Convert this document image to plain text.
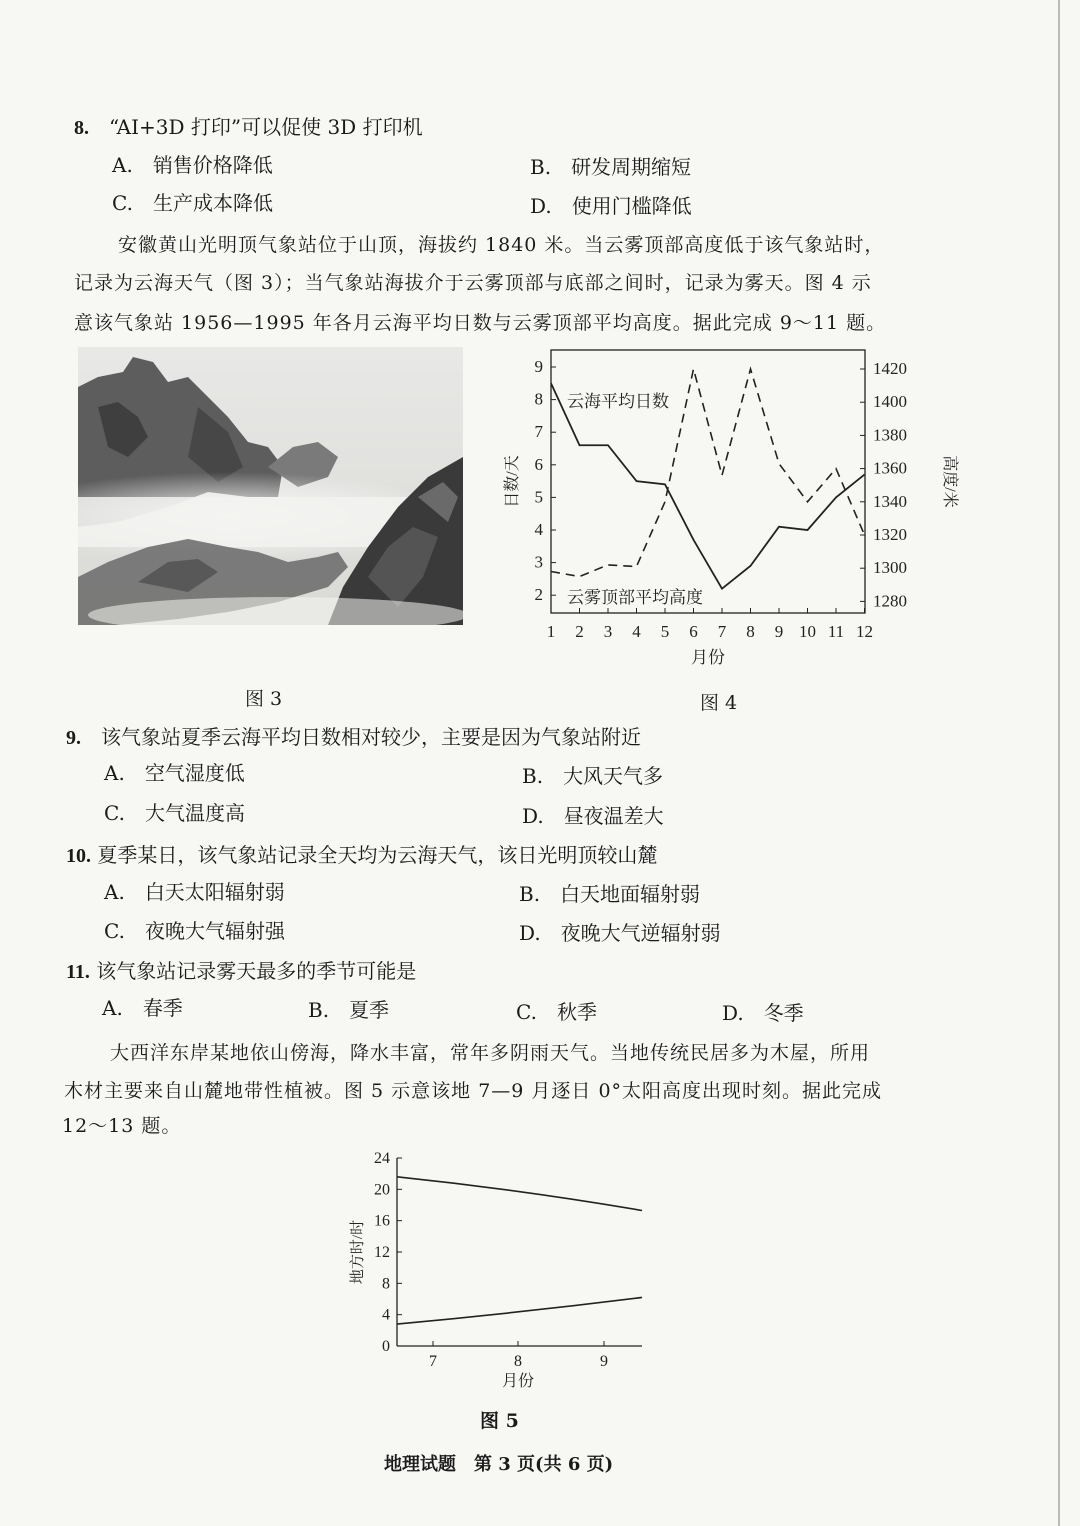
8.　 “AI+3D 打印”可以促使 3D 打印机
A.　 销售价格降低	B.　 研发周期缩短
C.　 生产成本降低	D.　 使用门槛降低
安徽黄山光明顶气象站位于山顶，海拔约 1840 米。当云雾顶部高度低于该气象站时，
记录为云海天气（图 3）；当气象站海拔介于云雾顶部与底部之间时，记录为雾天。图 4 示
意该气象站 1956—1995 年各月云海平均日数与云雾顶部平均高度。据此完成 9～11 题。
图 3
2
3
4
5
6
7
8
9
1280
1300
1320
1340
1360
1380
1400
1420
1 2 3 4 5 6 7 8 9 10 11 12
日数/天	高度/米
月份
云海平均日数
云雾顶部平均高度
图 4
9.　 该气象站夏季云海平均日数相对较少，主要是因为气象站附近
A.　 空气湿度低	B.　 大风天气多
C.　 大气温度高	D.　 昼夜温差大
10. 夏季某日，该气象站记录全天均为云海天气，该日光明顶较山麓
A.　 白天太阳辐射弱	B.　 白天地面辐射弱
C.　 夜晚大气辐射强	D.　 夜晚大气逆辐射弱
11. 该气象站记录雾天最多的季节可能是
A.　 春季	B.　 夏季	C.　 秋季	D.　 冬季
大西洋东岸某地依山傍海，降水丰富，常年多阴雨天气。当地传统民居多为木屋，所用
木材主要来自山麓地带性植被。图 5 示意该地 7—9 月逐日 0°太阳高度出现时刻。据此完成
12～13 题。
0
4
8
12
16
20
24
7	8	9
地方时/时
月份
图 5
地理试题　第 3 页(共 6 页)
